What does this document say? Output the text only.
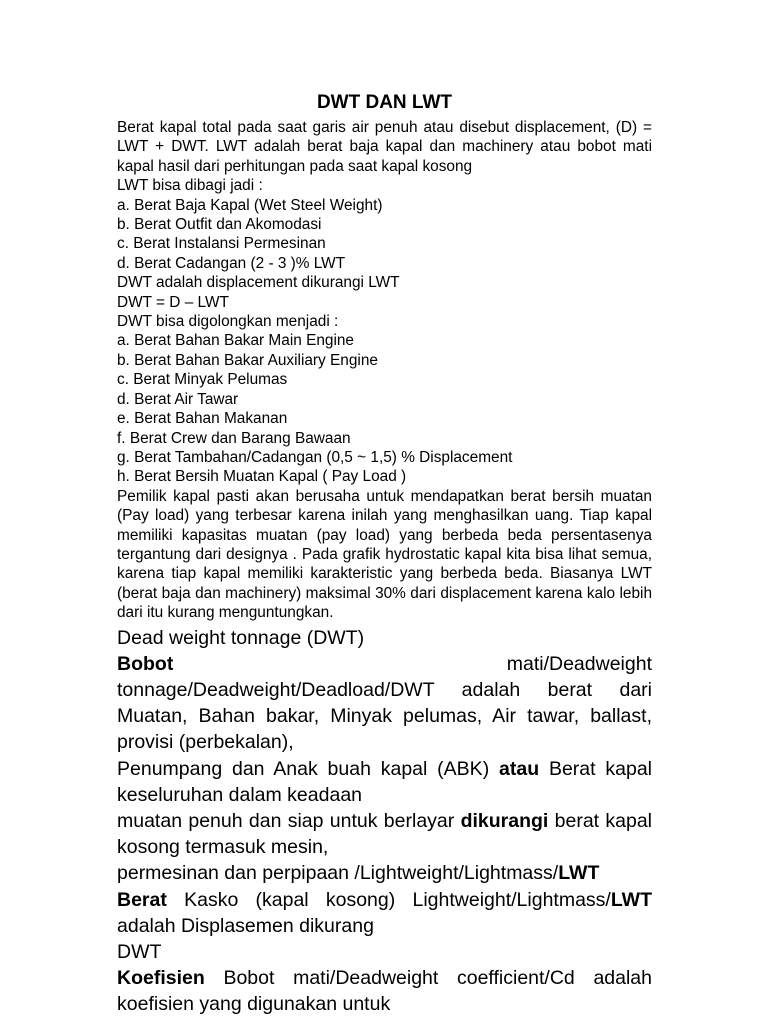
DWT DAN LWT
Berat kapal total pada saat garis air penuh atau disebut displacement, (D) = LWT + DWT. LWT adalah berat baja kapal dan machinery atau bobot mati kapal hasil dari perhitungan pada saat kapal kosong
LWT bisa dibagi jadi :
a. Berat Baja Kapal (Wet Steel Weight)
b. Berat Outfit dan Akomodasi
c. Berat Instalansi Permesinan
d. Berat Cadangan (2 - 3 )% LWT
DWT adalah displacement dikurangi LWT
DWT = D – LWT
DWT bisa digolongkan menjadi :
a. Berat Bahan Bakar Main Engine
b. Berat Bahan Bakar Auxiliary Engine
c. Berat Minyak Pelumas
d. Berat Air Tawar
e. Berat Bahan Makanan
f. Berat Crew dan Barang Bawaan
g. Berat Tambahan/Cadangan (0,5 ~ 1,5) % Displacement
h. Berat Bersih Muatan Kapal ( Pay Load )
Pemilik kapal pasti akan berusaha untuk mendapatkan berat bersih muatan (Pay load) yang terbesar karena inilah yang menghasilkan uang. Tiap kapal memiliki kapasitas muatan (pay load) yang berbeda beda persentasenya tergantung dari designya . Pada grafik hydrostatic kapal kita bisa lihat semua, karena tiap kapal memiliki karakteristic yang berbeda beda. Biasanya LWT (berat baja dan machinery) maksimal 30% dari displacement karena kalo lebih dari itu kurang menguntungkan.

Dead weight tonnage (DWT)

Bobot	mati/Deadweight

tonnage/Deadweight/Deadload/DWT adalah berat dari Muatan, Bahan bakar, Minyak pelumas, Air tawar, ballast, provisi (perbekalan),

Penumpang dan Anak buah kapal (ABK) atau Berat kapal keseluruhan dalam keadaan

muatan penuh dan siap untuk berlayar dikurangi berat kapal kosong termasuk mesin,

permesinan dan perpipaan /Lightweight/Lightmass/LWT

Berat Kasko (kapal kosong) Lightweight/Lightmass/LWT adalah Displasemen dikurang

DWT

Koefisien Bobot mati/Deadweight coefficient/Cd adalah koefisien yang digunakan untuk
